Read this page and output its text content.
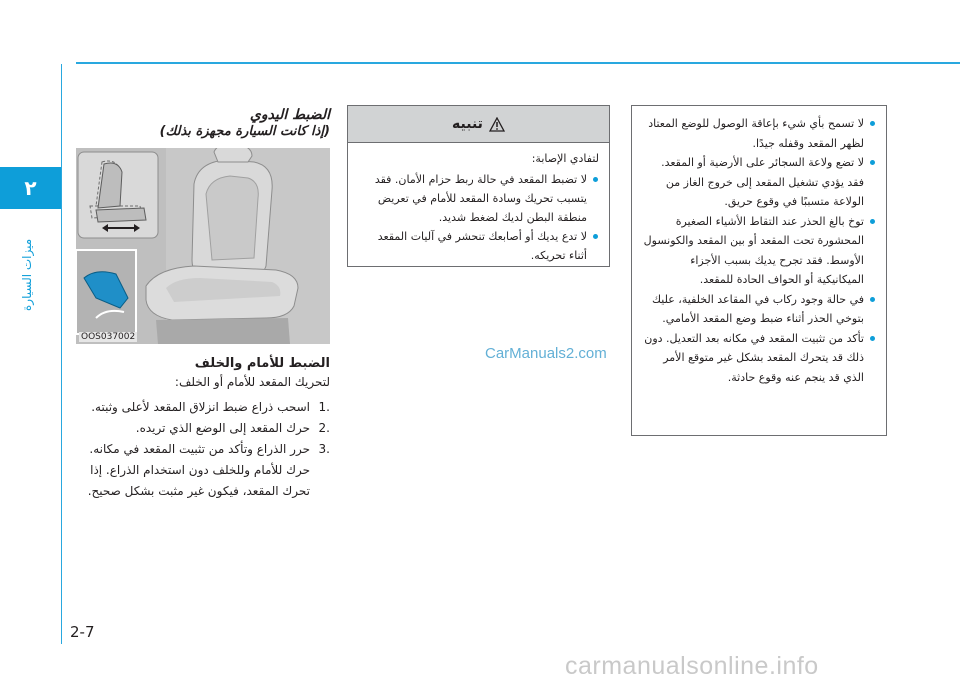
٢
ميزات السيارة
2-7
الضبط اليدوي
(إذا كانت السيارة مجهزة بذلك)
OOS037002
الضبط للأمام والخلف
لتحريك المقعد للأمام أو الخلف:
.1
اسحب ذراع ضبط انزلاق المقعد لأعلى وثبته.
.2
حرك المقعد إلى الوضع الذي تريده.
.3
حرر الذراع وتأكد من تثبيت المقعد في مكانه. حرك للأمام وللخلف دون استخدام الذراع. إذا تحرك المقعد، فيكون غير مثبت بشكل صحيح.
تنبيه
لتفادي الإصابة:
لا تضبط المقعد في حالة ربط حزام الأمان. فقد يتسبب تحريك وسادة المقعد للأمام في تعريض منطقة البطن لديك لضغط شديد.
لا تدع يديك أو أصابعك تنحشر في آليات المقعد أثناء تحريكه.
لا تسمح بأي شيء بإعاقة الوصول للوضع المعتاد لظهر المقعد وقفله جيدًا.
لا تضع ولاعة السجائر على الأرضية أو المقعد. فقد يؤدي تشغيل المقعد إلى خروج الغاز من الولاعة متسببًا في وقوع حريق.
توخ بالغ الحذر عند التقاط الأشياء الصغيرة المحشورة تحت المقعد أو بين المقعد والكونسول الأوسط. فقد تجرح يديك بسبب الأجزاء الميكانيكية أو الحواف الحادة للمقعد.
في حالة وجود ركاب في المقاعد الخلفية، عليك بتوخي الحذر أثناء ضبط وضع المقعد الأمامي.
تأكد من تثبيت المقعد في مكانه بعد التعديل. دون ذلك قد يتحرك المقعد بشكل غير متوقع الأمر الذي قد ينجم عنه وقوع حادثة.
CarManuals2.com
carmanualsonline.info
